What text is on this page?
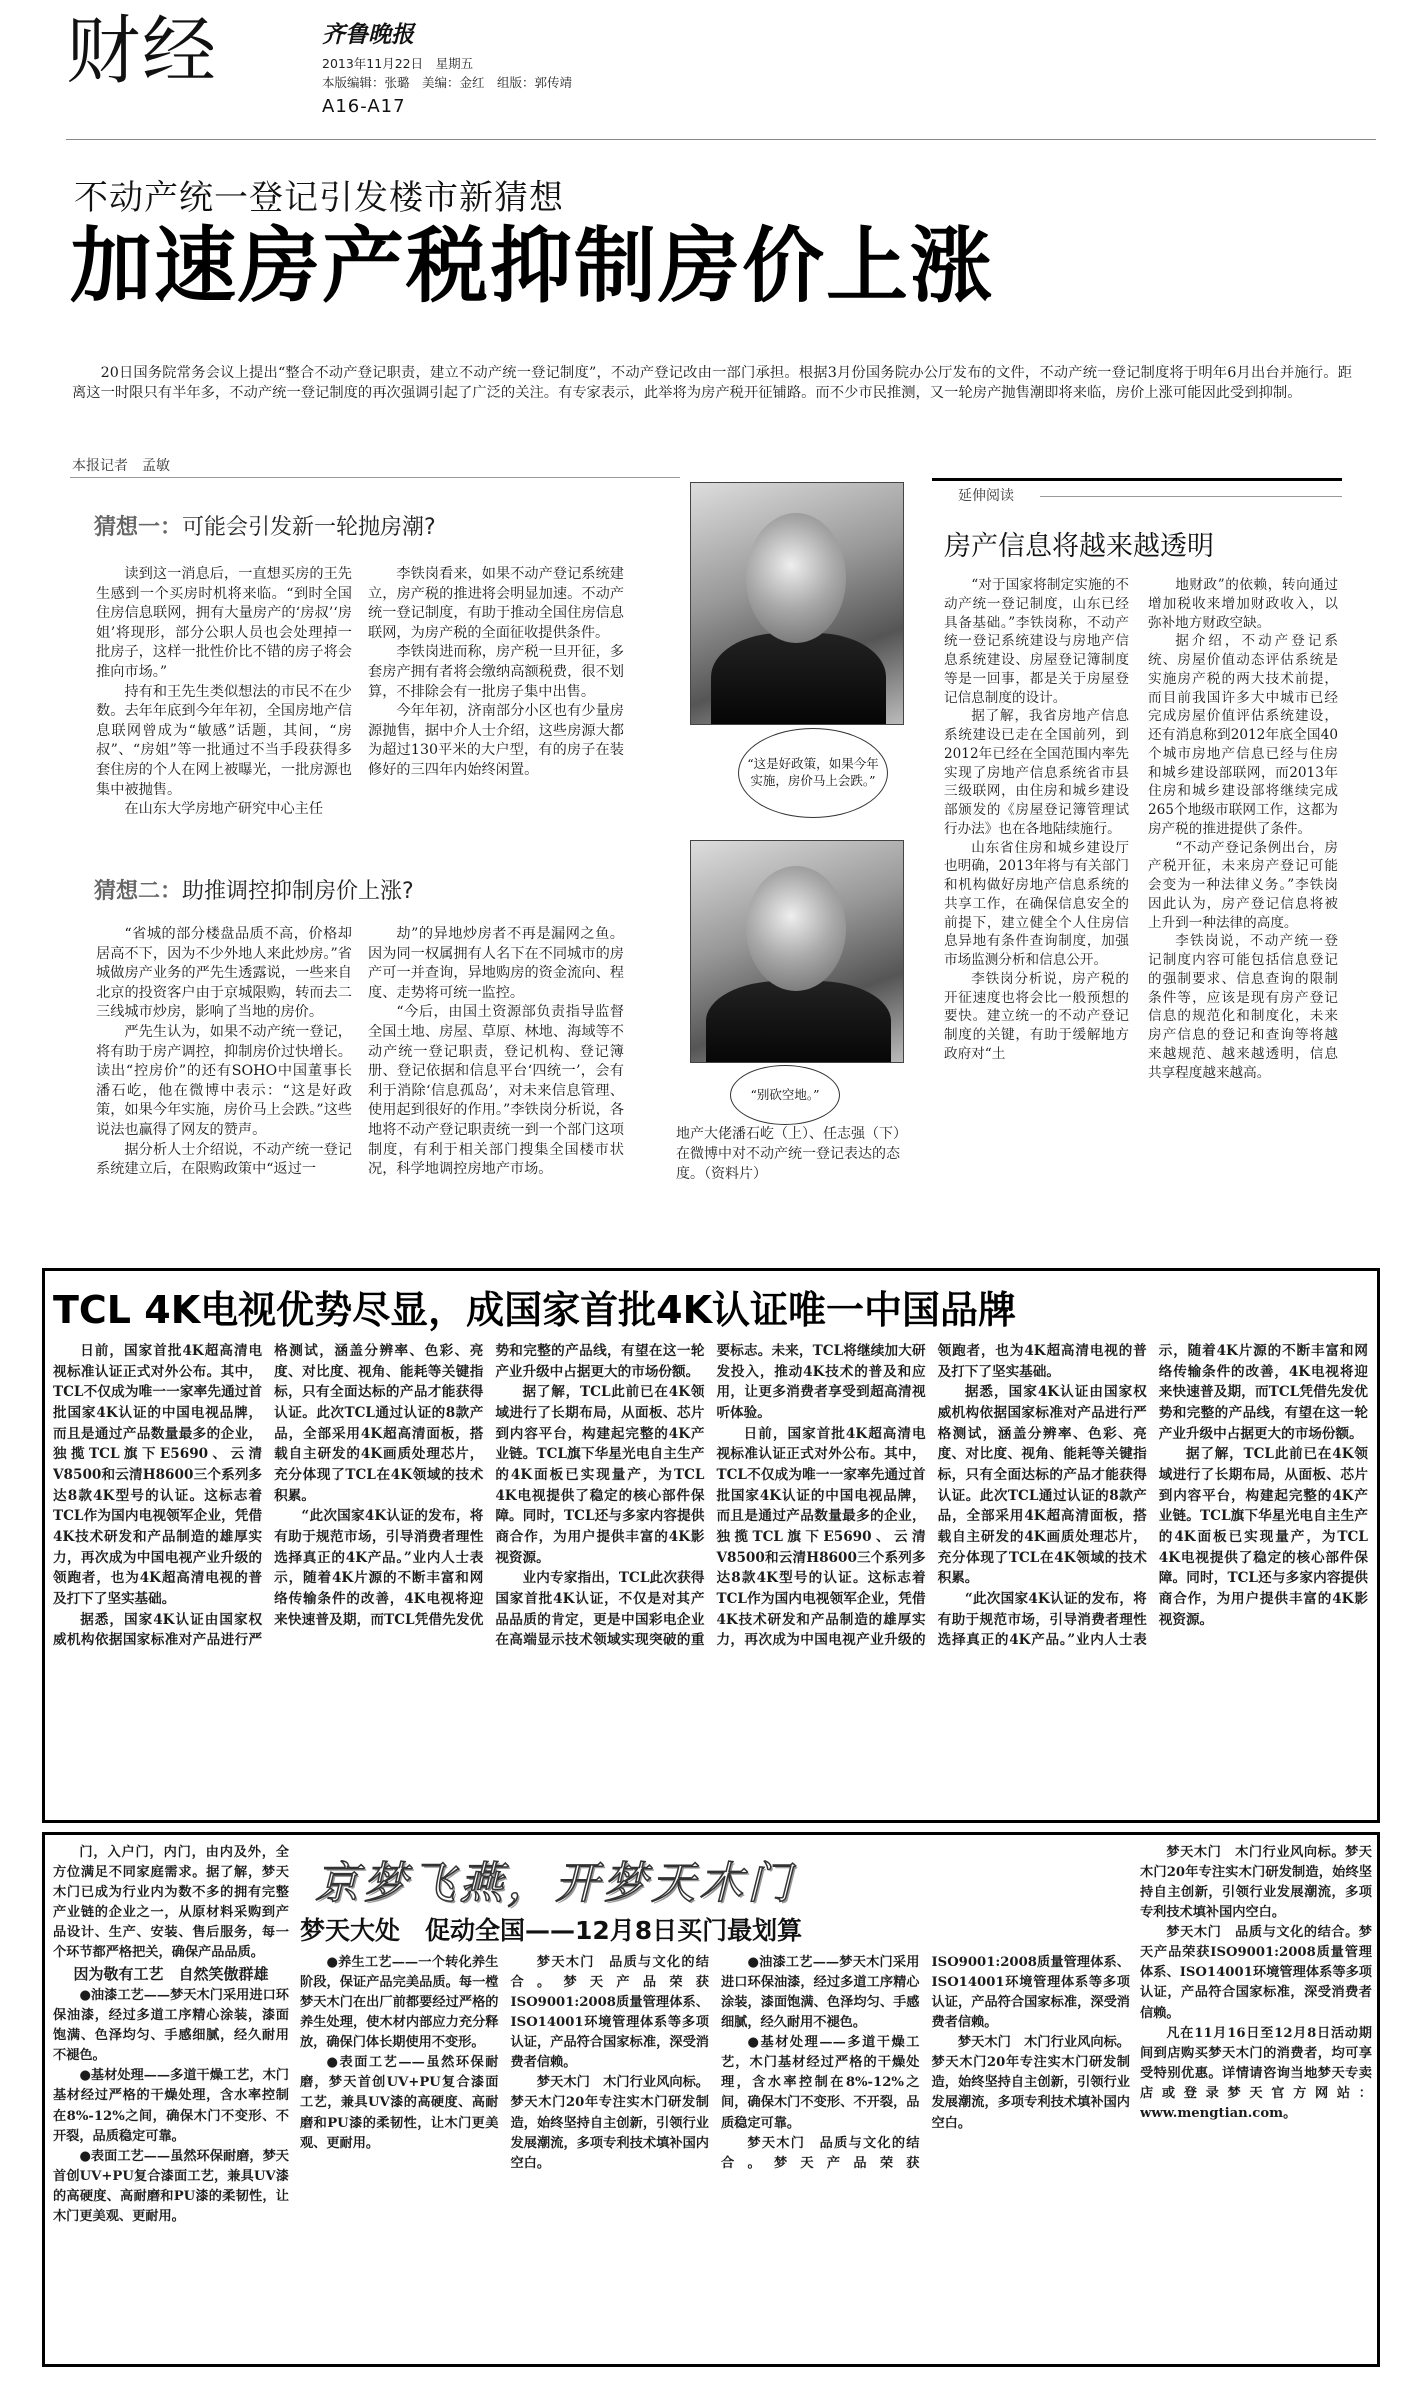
财经	齐鲁晚报
2013年11月22日　星期五
本版编辑：张璐　美编：金红　组版：郭传靖
A16-A17
不动产统一登记引发楼市新猜想
加速房产税抑制房价上涨

20日国务院常务会议上提出“整合不动产登记职责，建立不动产统一登记制度”，不动产登记改由一部门承担。根据3月份国务院办公厅发布的文件，不动产统一登记制度将于明年6月出台并施行。距离这一时限只有半年多，不动产统一登记制度的再次强调引起了广泛的关注。有专家表示，此举将为房产税开征铺路。而不少市民推测，又一轮房产抛售潮即将来临，房价上涨可能因此受到抑制。

本报记者　孟敏
猜想一：可能会引发新一轮抛房潮?

读到这一消息后，一直想买房的王先生感到一个买房时机将来临。“到时全国住房信息联网，拥有大量房产的‘房叔’‘房姐’将现形，部分公职人员也会处理掉一批房子，这样一批性价比不错的房子将会推向市场。”

持有和王先生类似想法的市民不在少数。去年年底到今年年初，全国房地产信息联网曾成为“敏感”话题，其间，“房叔”、“房姐”等一批通过不当手段获得多套住房的个人在网上被曝光，一批房源也集中被抛售。

在山东大学房地产研究中心主任

李铁岗看来，如果不动产登记系统建立，房产税的推进将会明显加速。不动产统一登记制度，有助于推动全国住房信息联网，为房产税的全面征收提供条件。

李铁岗进而称，房产税一旦开征，多套房产拥有者将会缴纳高额税费，很不划算，不排除会有一批房子集中出售。

今年年初，济南部分小区也有少量房源抛售，据中介人士介绍，这些房源大都为超过130平米的大户型，有的房子在装修好的三四年内始终闲置。

猜想二：助推调控抑制房价上涨?

“省城的部分楼盘品质不高，价格却居高不下，因为不少外地人来此炒房。”省城做房产业务的严先生透露说，一些来自北京的投资客户由于京城限购，转而去二三线城市炒房，影响了当地的房价。

严先生认为，如果不动产统一登记，将有助于房产调控，抑制房价过快增长。读出“控房价”的还有SOHO中国董事长潘石屹，他在微博中表示：“这是好政策，如果今年实施，房价马上会跌。”这些说法也赢得了网友的赞声。

据分析人士介绍说，不动产统一登记系统建立后，在限购政策中“返过一

劫”的异地炒房者不再是漏网之鱼。因为同一权属拥有人名下在不同城市的房产可一并查询，异地购房的资金流向、程度、走势将可统一监控。

“今后，由国土资源部负责指导监督全国土地、房屋、草原、林地、海域等不动产统一登记职责，登记机构、登记簿册、登记依据和信息平台‘四统一’，会有利于消除‘信息孤岛’，对未来信息管理、使用起到很好的作用。”李铁岗分析说，各地将不动产登记职责统一到一个部门这项制度，有利于相关部门搜集全国楼市状况，科学地调控房地产市场。

“这是好政策，如果今年实施，房价马上会跌。”
“别砍空地。”
地产大佬潘石屹（上）、任志强（下）在微博中对不动产统一登记表达的态度。（资料片）
延伸阅读
房产信息将越来越透明

“对于国家将制定实施的不动产统一登记制度，山东已经具备基础。”李铁岗称，不动产统一登记系统建设与房地产信息系统建设、房屋登记簿制度等是一回事，都是关于房屋登记信息制度的设计。

据了解，我省房地产信息系统建设已走在全国前列，到2012年已经在全国范围内率先实现了房地产信息系统省市县三级联网，由住房和城乡建设部颁发的《房屋登记簿管理试行办法》也在各地陆续施行。

山东省住房和城乡建设厅也明确，2013年将与有关部门和机构做好房地产信息系统的共享工作，在确保信息安全的前提下，建立健全个人住房信息异地有条件查询制度，加强市场监测分析和信息公开。

李铁岗分析说，房产税的开征速度也将会比一般预想的要快。建立统一的不动产登记制度的关键，有助于缓解地方政府对“土

地财政”的依赖，转向通过增加税收来增加财政收入，以弥补地方财政空缺。

据介绍，不动产登记系统、房屋价值动态评估系统是实施房产税的两大技术前提，而目前我国许多大中城市已经完成房屋价值评估系统建设，还有消息称到2012年底全国40个城市房地产信息已经与住房和城乡建设部联网，而2013年住房和城乡建设部将继续完成265个地级市联网工作，这都为房产税的推进提供了条件。

“不动产登记条例出台，房产税开征，未来房产登记可能会变为一种法律义务。”李铁岗因此认为，房产登记信息将被上升到一种法律的高度。

李铁岗说，不动产统一登记制度内容可能包括信息登记的强制要求、信息查询的限制条件等，应该是现有房产登记信息的规范化和制度化，未来房产信息的登记和查询等将越来越规范、越来越透明，信息共享程度越来越高。

TCL 4K电视优势尽显，成国家首批4K认证唯一中国品牌

日前，国家首批4K超高清电视标准认证正式对外公布。其中，TCL不仅成为唯一一家率先通过首批国家4K认证的中国电视品牌，而且是通过产品数量最多的企业，独揽TCL旗下E5690、云清V8500和云清H8600三个系列多达8款4K型号的认证。这标志着TCL作为国内电视领军企业，凭借4K技术研发和产品制造的雄厚实力，再次成为中国电视产业升级的领跑者，也为4K超高清电视的普及打下了坚实基础。

据悉，国家4K认证由国家权威机构依据国家标准对产品进行严格测试，涵盖分辨率、色彩、亮度、对比度、视角、能耗等关键指标，只有全面达标的产品才能获得认证。此次TCL通过认证的8款产品，全部采用4K超高清面板，搭载自主研发的4K画质处理芯片，充分体现了TCL在4K领域的技术积累。

“此次国家4K认证的发布，将有助于规范市场，引导消费者理性选择真正的4K产品。”业内人士表示，随着4K片源的不断丰富和网络传输条件的改善，4K电视将迎来快速普及期，而TCL凭借先发优势和完整的产品线，有望在这一轮产业升级中占据更大的市场份额。

据了解，TCL此前已在4K领域进行了长期布局，从面板、芯片到内容平台，构建起完整的4K产业链。TCL旗下华星光电自主生产的4K面板已实现量产，为TCL 4K电视提供了稳定的核心部件保障。同时，TCL还与多家内容提供商合作，为用户提供丰富的4K影视资源。

业内专家指出，TCL此次获得国家首批4K认证，不仅是对其产品品质的肯定，更是中国彩电企业在高端显示技术领域实现突破的重要标志。未来，TCL将继续加大研发投入，推动4K技术的普及和应用，让更多消费者享受到超高清视听体验。

日前，国家首批4K超高清电视标准认证正式对外公布。其中，TCL不仅成为唯一一家率先通过首批国家4K认证的中国电视品牌，而且是通过产品数量最多的企业，独揽TCL旗下E5690、云清V8500和云清H8600三个系列多达8款4K型号的认证。这标志着TCL作为国内电视领军企业，凭借4K技术研发和产品制造的雄厚实力，再次成为中国电视产业升级的领跑者，也为4K超高清电视的普及打下了坚实基础。

据悉，国家4K认证由国家权威机构依据国家标准对产品进行严格测试，涵盖分辨率、色彩、亮度、对比度、视角、能耗等关键指标，只有全面达标的产品才能获得认证。此次TCL通过认证的8款产品，全部采用4K超高清面板，搭载自主研发的4K画质处理芯片，充分体现了TCL在4K领域的技术积累。

“此次国家4K认证的发布，将有助于规范市场，引导消费者理性选择真正的4K产品。”业内人士表示，随着4K片源的不断丰富和网络传输条件的改善，4K电视将迎来快速普及期，而TCL凭借先发优势和完整的产品线，有望在这一轮产业升级中占据更大的市场份额。

据了解，TCL此前已在4K领域进行了长期布局，从面板、芯片到内容平台，构建起完整的4K产业链。TCL旗下华星光电自主生产的4K面板已实现量产，为TCL 4K电视提供了稳定的核心部件保障。同时，TCL还与多家内容提供商合作，为用户提供丰富的4K影视资源。

京梦飞燕，开梦天木门
梦天大处　促动全国——12月8日买门最划算

门，入户门，内门，由内及外，全方位满足不同家庭需求。据了解，梦天木门已成为行业内为数不多的拥有完整产业链的企业之一，从原材料采购到产品设计、生产、安装、售后服务，每一个环节都严格把关，确保产品品质。

因为敬有工艺　自然笑傲群雄

●油漆工艺——梦天木门采用进口环保油漆，经过多道工序精心涂装，漆面饱满、色泽均匀、手感细腻，经久耐用不褪色。

●基材处理——多道干燥工艺，木门基材经过严格的干燥处理，含水率控制在8%-12%之间，确保木门不变形、不开裂，品质稳定可靠。

●表面工艺——虽然环保耐磨，梦天首创UV+PU复合漆面工艺，兼具UV漆的高硬度、高耐磨和PU漆的柔韧性，让木门更美观、更耐用。

●养生工艺——一个转化养生阶段，保证产品完美品质。每一樘梦天木门在出厂前都要经过严格的养生处理，使木材内部应力充分释放，确保门体长期使用不变形。

●表面工艺——虽然环保耐磨，梦天首创UV+PU复合漆面工艺，兼具UV漆的高硬度、高耐磨和PU漆的柔韧性，让木门更美观、更耐用。

梦天木门　品质与文化的结合。梦天产品荣获ISO9001:2008质量管理体系、ISO14001环境管理体系等多项认证，产品符合国家标准，深受消费者信赖。

梦天木门　木门行业风向标。梦天木门20年专注实木门研发制造，始终坚持自主创新，引领行业发展潮流，多项专利技术填补国内空白。

●油漆工艺——梦天木门采用进口环保油漆，经过多道工序精心涂装，漆面饱满、色泽均匀、手感细腻，经久耐用不褪色。

●基材处理——多道干燥工艺，木门基材经过严格的干燥处理，含水率控制在8%-12%之间，确保木门不变形、不开裂，品质稳定可靠。

梦天木门　品质与文化的结合。梦天产品荣获ISO9001:2008质量管理体系、ISO14001环境管理体系等多项认证，产品符合国家标准，深受消费者信赖。

梦天木门　木门行业风向标。梦天木门20年专注实木门研发制造，始终坚持自主创新，引领行业发展潮流，多项专利技术填补国内空白。

梦天木门　木门行业风向标。梦天木门20年专注实木门研发制造，始终坚持自主创新，引领行业发展潮流，多项专利技术填补国内空白。

梦天木门　品质与文化的结合。梦天产品荣获ISO9001:2008质量管理体系、ISO14001环境管理体系等多项认证，产品符合国家标准，深受消费者信赖。

凡在11月16日至12月8日活动期间到店购买梦天木门的消费者，均可享受特别优惠。详情请咨询当地梦天专卖店或登录梦天官方网站：www.mengtian.com。
